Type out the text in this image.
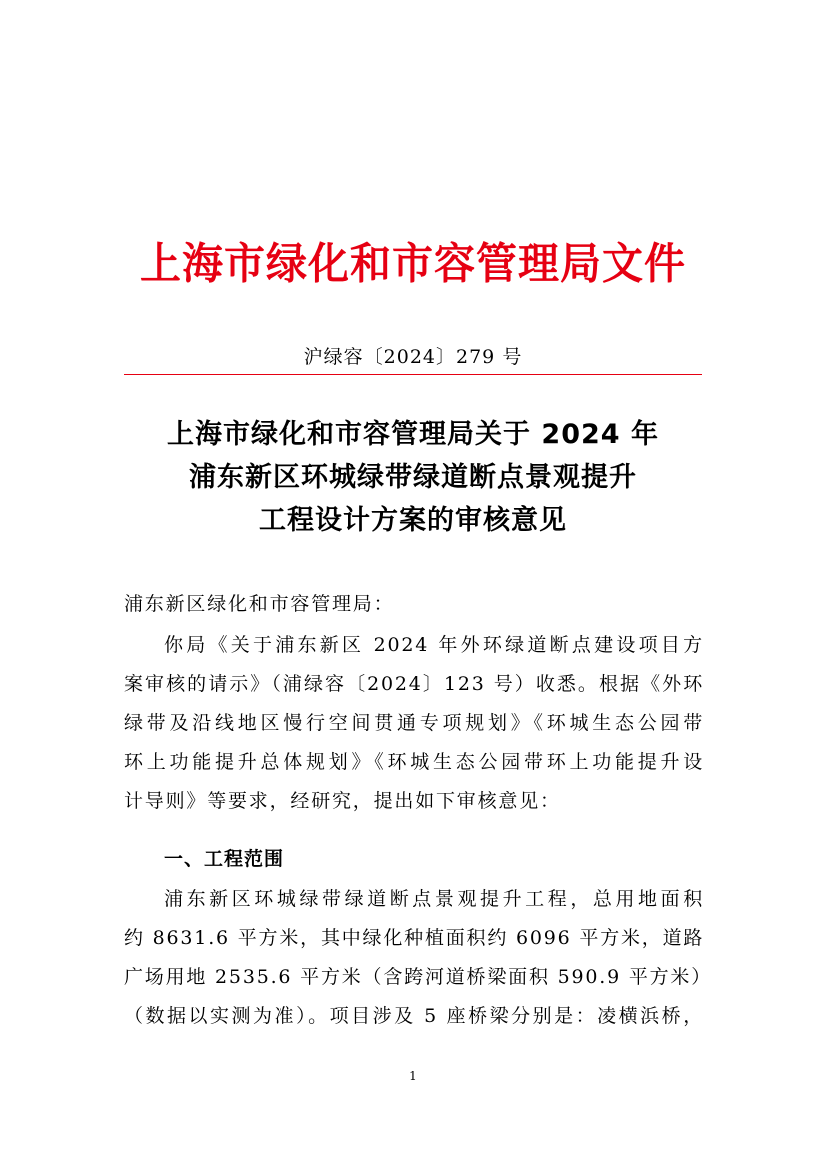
上海市绿化和市容管理局文件
沪绿容〔2024〕279 号
上海市绿化和市容管理局关于 2024 年
浦东新区环城绿带绿道断点景观提升
工程设计方案的审核意见
浦东新区绿化和市容管理局：
你局《关于浦东新区 2024 年外环绿道断点建设项目方
案审核的请示》（浦绿容〔2024〕123 号）收悉。根据《外环
绿带及沿线地区慢行空间贯通专项规划》《环城生态公园带
环上功能提升总体规划》《环城生态公园带环上功能提升设
计导则》等要求，经研究，提出如下审核意见：
一、工程范围
浦东新区环城绿带绿道断点景观提升工程，总用地面积
约 8631.6 平方米，其中绿化种植面积约 6096 平方米，道路
广场用地 2535.6 平方米（含跨河道桥梁面积 590.9 平方米）
（数据以实测为准）。项目涉及 5 座桥梁分别是：凌横浜桥，
1
